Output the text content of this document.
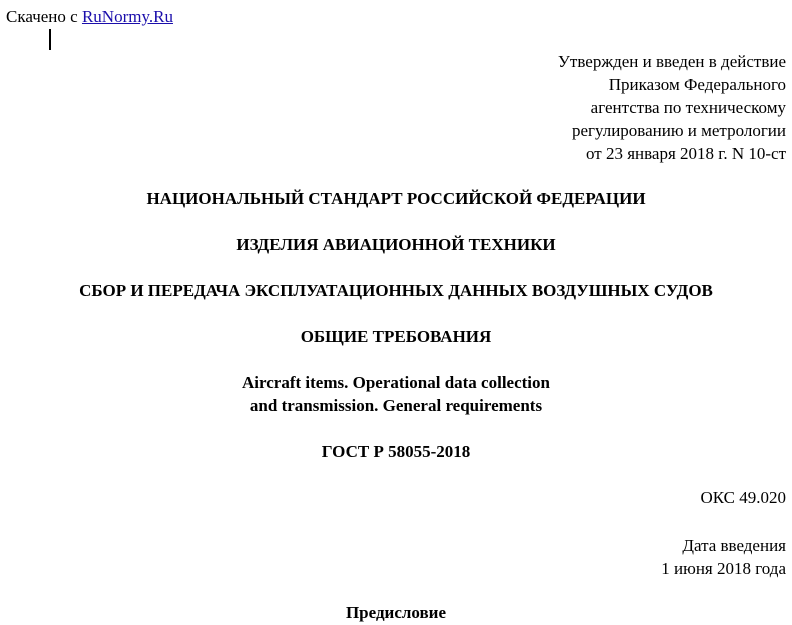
Скачено с RuNormy.Ru
Утвержден и введен в действие
Приказом Федерального
агентства по техническому
регулированию и метрологии
от 23 января 2018 г. N 10-ст
НАЦИОНАЛЬНЫЙ СТАНДАРТ РОССИЙСКОЙ ФЕДЕРАЦИИ
ИЗДЕЛИЯ АВИАЦИОННОЙ ТЕХНИКИ
СБОР И ПЕРЕДАЧА ЭКСПЛУАТАЦИОННЫХ ДАННЫХ ВОЗДУШНЫХ СУДОВ
ОБЩИЕ ТРЕБОВАНИЯ
Aircraft items. Operational data collection
and transmission. General requirements
ГОСТ Р 58055-2018
ОКС 49.020
Дата введения
1 июня 2018 года
Предисловие
